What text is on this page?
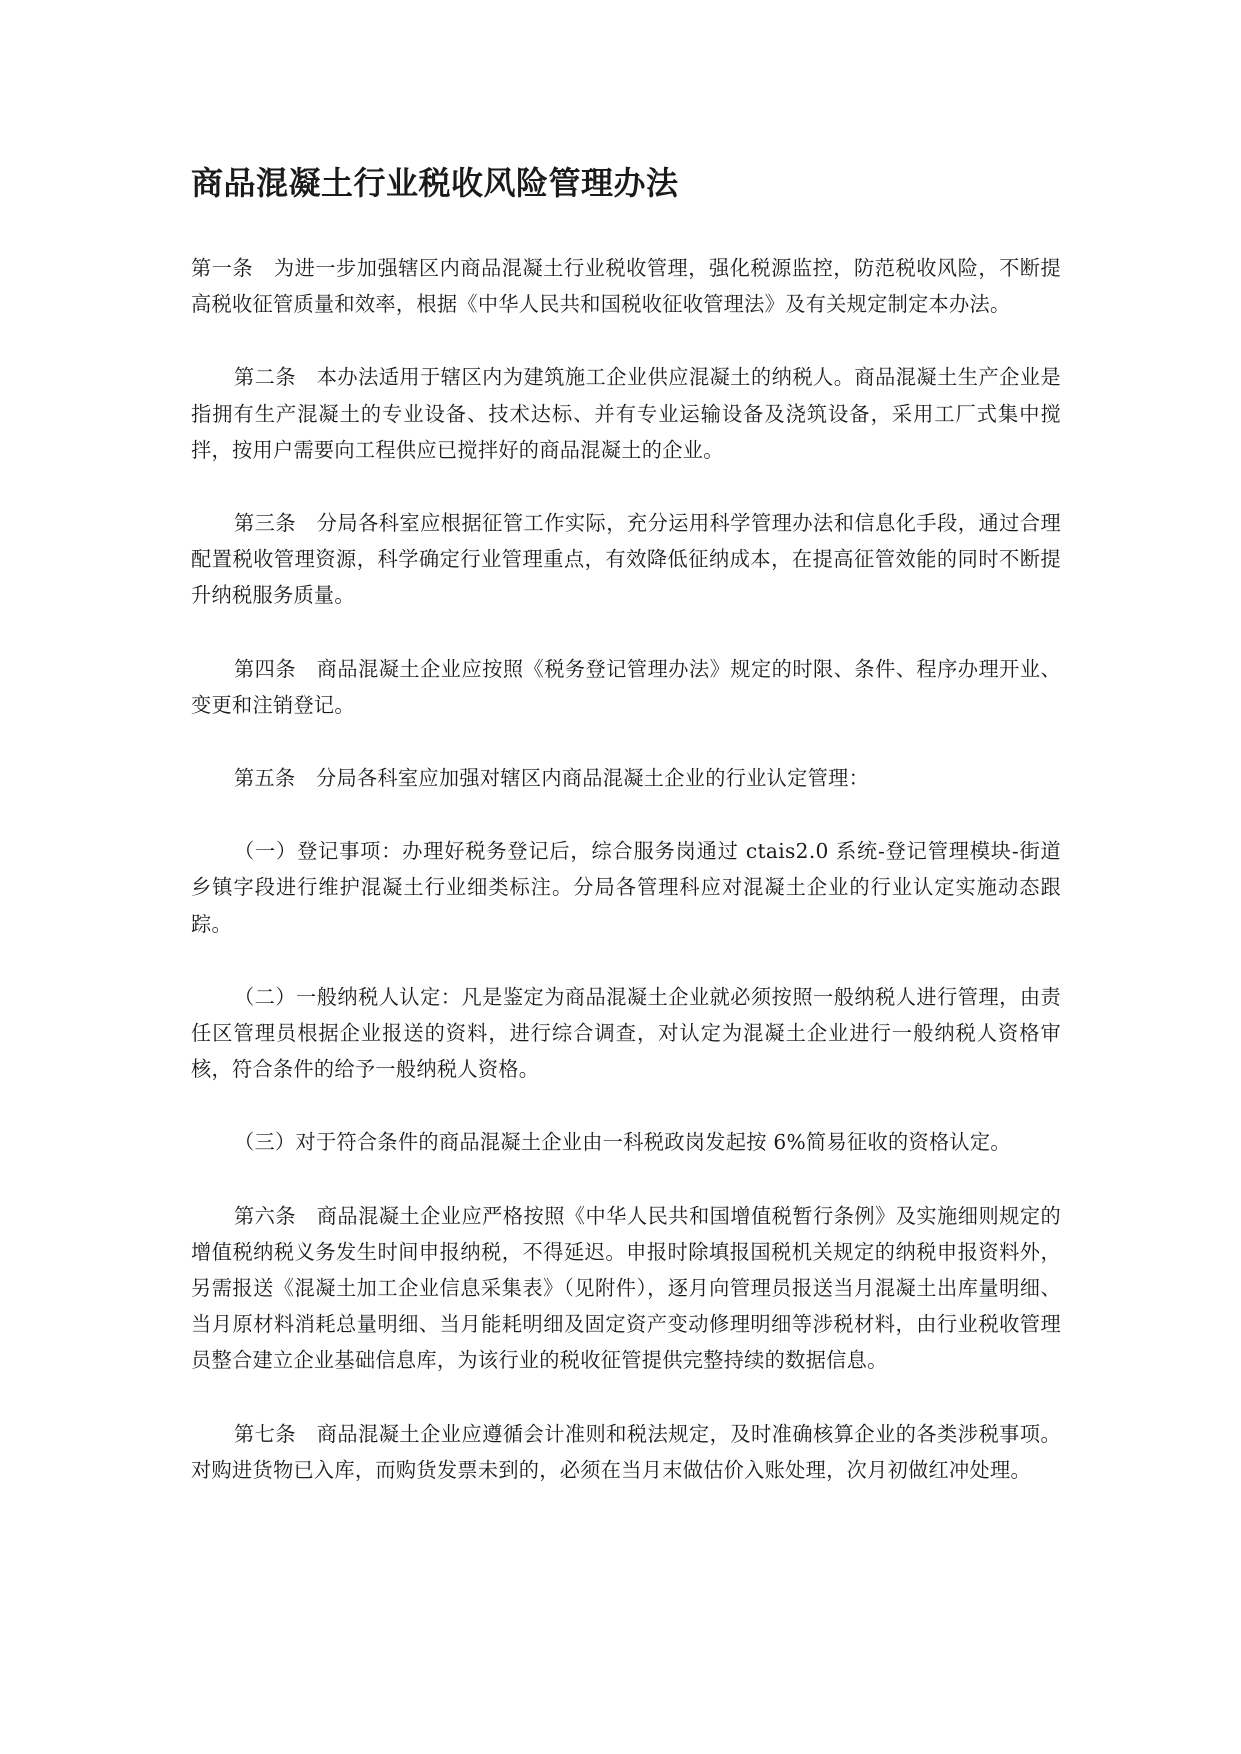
商品混凝土行业税收风险管理办法

第一条　为进一步加强辖区内商品混凝土行业税收管理，强化税源监控，防范税收风险，不断提高税收征管质量和效率，根据《中华人民共和国税收征收管理法》及有关规定制定本办法。

第二条　本办法适用于辖区内为建筑施工企业供应混凝土的纳税人。商品混凝土生产企业是指拥有生产混凝土的专业设备、技术达标、并有专业运输设备及浇筑设备，采用工厂式集中搅拌，按用户需要向工程供应已搅拌好的商品混凝土的企业。

第三条　分局各科室应根据征管工作实际，充分运用科学管理办法和信息化手段，通过合理配置税收管理资源，科学确定行业管理重点，有效降低征纳成本，在提高征管效能的同时不断提升纳税服务质量。

第四条　商品混凝土企业应按照《税务登记管理办法》规定的时限、条件、程序办理开业、变更和注销登记。

第五条　分局各科室应加强对辖区内商品混凝土企业的行业认定管理：

（一）登记事项：办理好税务登记后，综合服务岗通过 ctais2.0 系统-登记管理模块-街道乡镇字段进行维护混凝土行业细类标注。分局各管理科应对混凝土企业的行业认定实施动态跟踪。

（二）一般纳税人认定：凡是鉴定为商品混凝土企业就必须按照一般纳税人进行管理，由责任区管理员根据企业报送的资料，进行综合调查，对认定为混凝土企业进行一般纳税人资格审核，符合条件的给予一般纳税人资格。

（三）对于符合条件的商品混凝土企业由一科税政岗发起按 6%简易征收的资格认定。

第六条　商品混凝土企业应严格按照《中华人民共和国增值税暂行条例》及实施细则规定的增值税纳税义务发生时间申报纳税，不得延迟。申报时除填报国税机关规定的纳税申报资料外，另需报送《混凝土加工企业信息采集表》（见附件），逐月向管理员报送当月混凝土出库量明细、当月原材料消耗总量明细、当月能耗明细及固定资产变动修理明细等涉税材料，由行业税收管理员整合建立企业基础信息库，为该行业的税收征管提供完整持续的数据信息。

第七条　商品混凝土企业应遵循会计准则和税法规定，及时准确核算企业的各类涉税事项。对购进货物已入库，而购货发票未到的，必须在当月末做估价入账处理，次月初做红冲处理。
